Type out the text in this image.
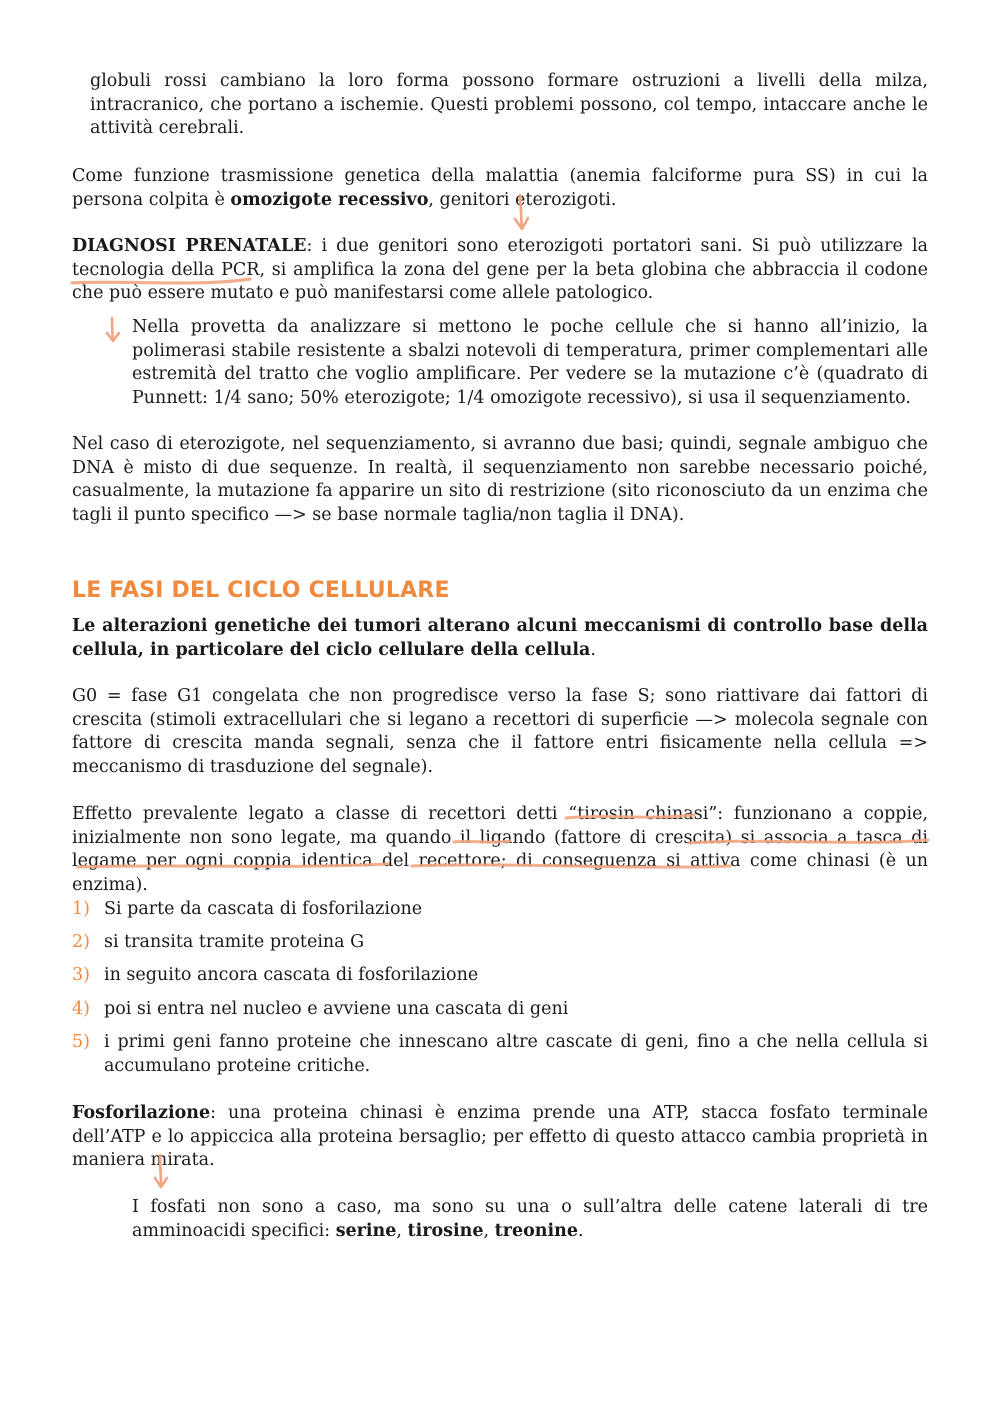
globuli rossi cambiano la loro forma possono formare ostruzioni a livelli della milza, intracranico, che portano a ischemie. Questi problemi possono, col tempo, intaccare anche le attività cerebrali.

Come funzione trasmissione genetica della malattia (anemia falciforme pura SS) in cui la persona colpita è omozigote recessivo, genitori eterozigoti.

DIAGNOSI PRENATALE: i due genitori sono eterozigoti portatori sani. Si può utilizzare la tecnologia della PCR, si amplifica la zona del gene per la beta globina che abbraccia il codone che può essere mutato e può manifestarsi come allele patologico.

Nella provetta da analizzare si mettono le poche cellule che si hanno all’inizio, la polimerasi stabile resistente a sbalzi notevoli di temperatura, primer complementari alle estremità del tratto che voglio amplificare. Per vedere se la mutazione c’è (quadrato di Punnett: 1/4 sano; 50% eterozigote; 1/4 omozigote recessivo), si usa il sequenziamento.

Nel caso di eterozigote, nel sequenziamento, si avranno due basi; quindi, segnale ambiguo che DNA è misto di due sequenze. In realtà, il sequenziamento non sarebbe necessario poiché, casualmente, la mutazione fa apparire un sito di restrizione (sito riconosciuto da un enzima che tagli il punto specifico —> se base normale taglia/non taglia il DNA).

LE FASI DEL CICLO CELLULARE

Le alterazioni genetiche dei tumori alterano alcuni meccanismi di controllo base della cellula, in particolare del ciclo cellulare della cellula.

G0 = fase G1 congelata che non progredisce verso la fase S; sono riattivare dai fattori di crescita (stimoli extracellulari che si legano a recettori di superficie —> molecola segnale con fattore di crescita manda segnali, senza che il fattore entri fisicamente nella cellula => meccanismo di trasduzione del segnale).

Effetto prevalente legato a classe di recettori detti “tirosin chinasi”: funzionano a coppie, inizialmente non sono legate, ma quando il ligando (fattore di crescita) si associa a tasca di legame per ogni coppia identica del recettore; di conseguenza si attiva come chinasi (è un enzima).

1) Si parte da cascata di fosforilazione

2) si transita tramite proteina G

3) in seguito ancora cascata di fosforilazione

4) poi si entra nel nucleo e avviene una cascata di geni

5) i primi geni fanno proteine che innescano altre cascate di geni, fino a che nella cellula si accumulano proteine critiche.

Fosforilazione: una proteina chinasi è enzima prende una ATP, stacca fosfato terminale dell’ATP e lo appiccica alla proteina bersaglio; per effetto di questo attacco cambia proprietà in maniera mirata.

I fosfati non sono a caso, ma sono su una o sull’altra delle catene laterali di tre amminoacidi specifici: serine, tirosine, treonine.
